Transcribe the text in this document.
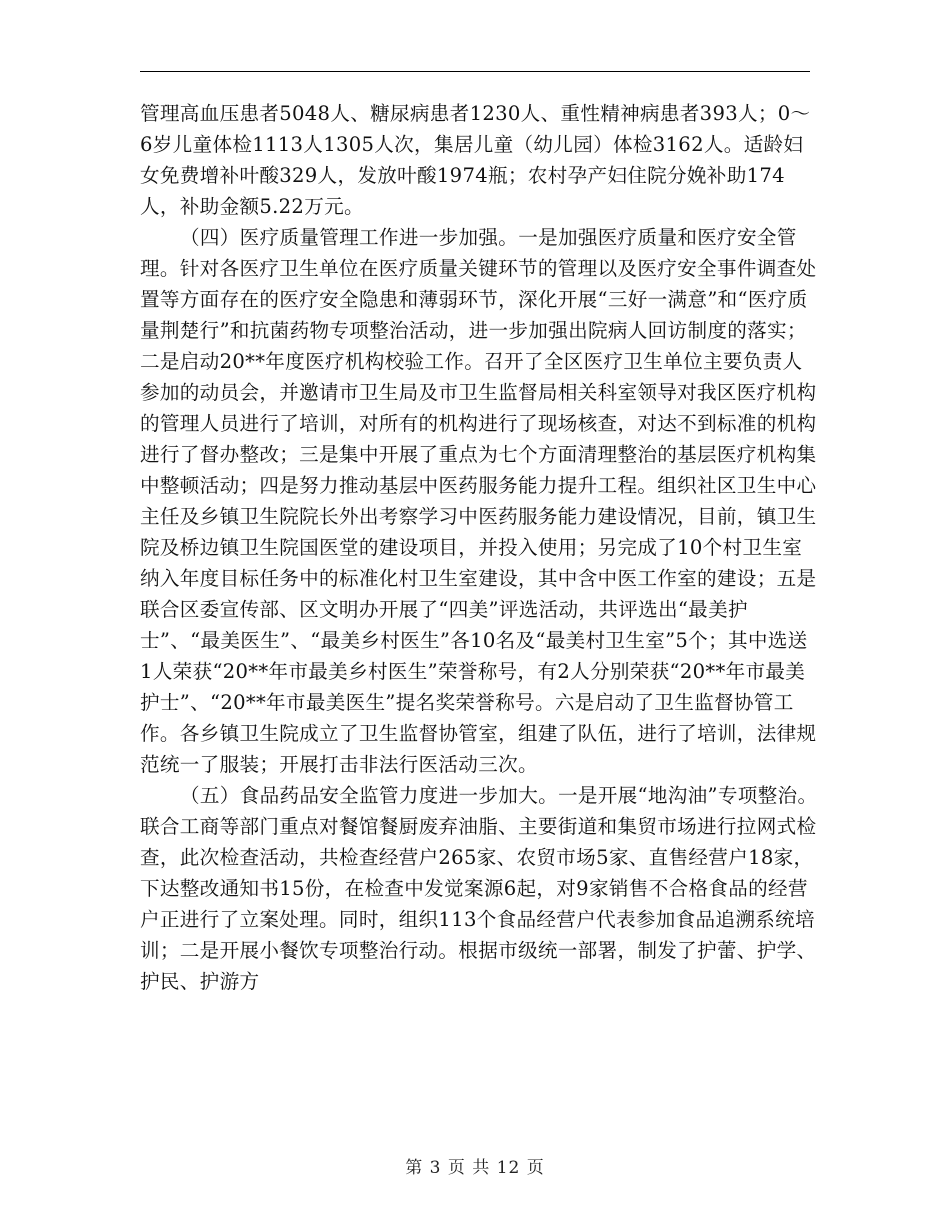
管理高血压患者5048人、糖尿病患者1230人、重性精神病患者393人；0～6岁儿童体检1113人1305人次，集居儿童（幼儿园）体检3162人。适龄妇女免费增补叶酸329人，发放叶酸1974瓶；农村孕产妇住院分娩补助174人，补助金额5.22万元。

（四）医疗质量管理工作进一步加强。一是加强医疗质量和医疗安全管理。针对各医疗卫生单位在医疗质量关键环节的管理以及医疗安全事件调查处置等方面存在的医疗安全隐患和薄弱环节，深化开展“三好一满意”和“医疗质量荆楚行”和抗菌药物专项整治活动，进一步加强出院病人回访制度的落实；二是启动20**年度医疗机构校验工作。召开了全区医疗卫生单位主要负责人参加的动员会，并邀请市卫生局及市卫生监督局相关科室领导对我区医疗机构的管理人员进行了培训，对所有的机构进行了现场核查，对达不到标准的机构进行了督办整改；三是集中开展了重点为七个方面清理整治的基层医疗机构集中整顿活动；四是努力推动基层中医药服务能力提升工程。组织社区卫生中心主任及乡镇卫生院院长外出考察学习中医药服务能力建设情况，目前，镇卫生院及桥边镇卫生院国医堂的建设项目，并投入使用；另完成了10个村卫生室纳入年度目标任务中的标准化村卫生室建设，其中含中医工作室的建设；五是联合区委宣传部、区文明办开展了“四美”评选活动，共评选出“最美护士”、“最美医生”、“最美乡村医生”各10名及“最美村卫生室”5个；其中选送1人荣获“20**年市最美乡村医生”荣誉称号，有2人分别荣获“20**年市最美护士”、“20**年市最美医生”提名奖荣誉称号。六是启动了卫生监督协管工作。各乡镇卫生院成立了卫生监督协管室，组建了队伍，进行了培训，法律规范统一了服装；开展打击非法行医活动三次。

（五）食品药品安全监管力度进一步加大。一是开展“地沟油”专项整治。联合工商等部门重点对餐馆餐厨废弃油脂、主要街道和集贸市场进行拉网式检查，此次检查活动，共检查经营户265家、农贸市场5家、直售经营户18家，下达整改通知书15份，在检查中发觉案源6起，对9家销售不合格食品的经营户正进行了立案处理。同时，组织113个食品经营户代表参加食品追溯系统培训；二是开展小餐饮专项整治行动。根据市级统一部署，制发了护蕾、护学、护民、护游方

第 3 页 共 12 页
